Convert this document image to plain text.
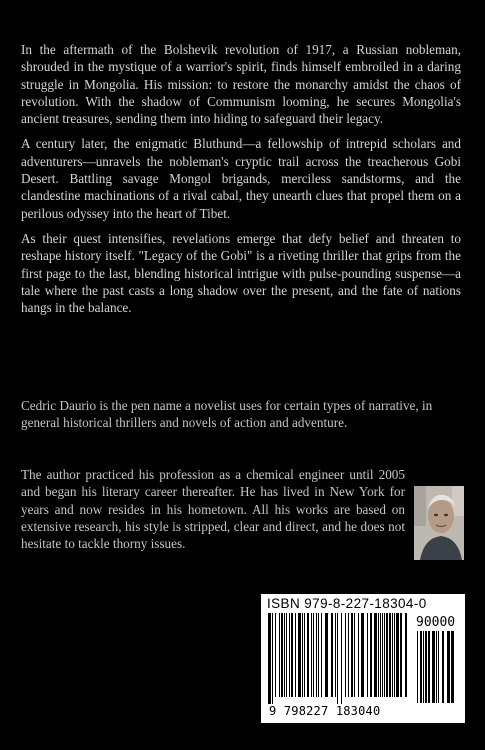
In the aftermath of the Bolshevik revolution of 1917, a Russian nobleman, shrouded in the mystique of a warrior's spirit, finds himself embroiled in a daring struggle in Mongolia. His mission: to restore the monarchy amidst the chaos of revolution. With the shadow of Communism looming, he secures Mongolia's ancient treasures, sending them into hiding to safeguard their legacy.

A century later, the enigmatic Bluthund—a fellowship of intrepid scholars and adventurers—unravels the nobleman's cryptic trail across the treacherous Gobi Desert. Battling savage Mongol brigands, merciless sandstorms, and the clandestine machinations of a rival cabal, they unearth clues that propel them on a perilous odyssey into the heart of Tibet.

As their quest intensifies, revelations emerge that defy belief and threaten to reshape history itself. "Legacy of the Gobi" is a riveting thriller that grips from the first page to the last, blending historical intrigue with pulse-pounding suspense—a tale where the past casts a long shadow over the present, and the fate of nations hangs in the balance.

Cedric Daurio is the pen name a novelist uses for certain types of narrative, in general historical thrillers and novels of action and adventure.

The author practiced his profession as a chemical engineer until 2005 and began his literary career thereafter. He has lived in New York for years and now resides in his hometown. All his works are based on extensive research, his style is stripped, clear and direct, and he does not hesitate to tackle thorny issues.

ISBN 979-8-227-18304-0
90000
9 798227 183040
